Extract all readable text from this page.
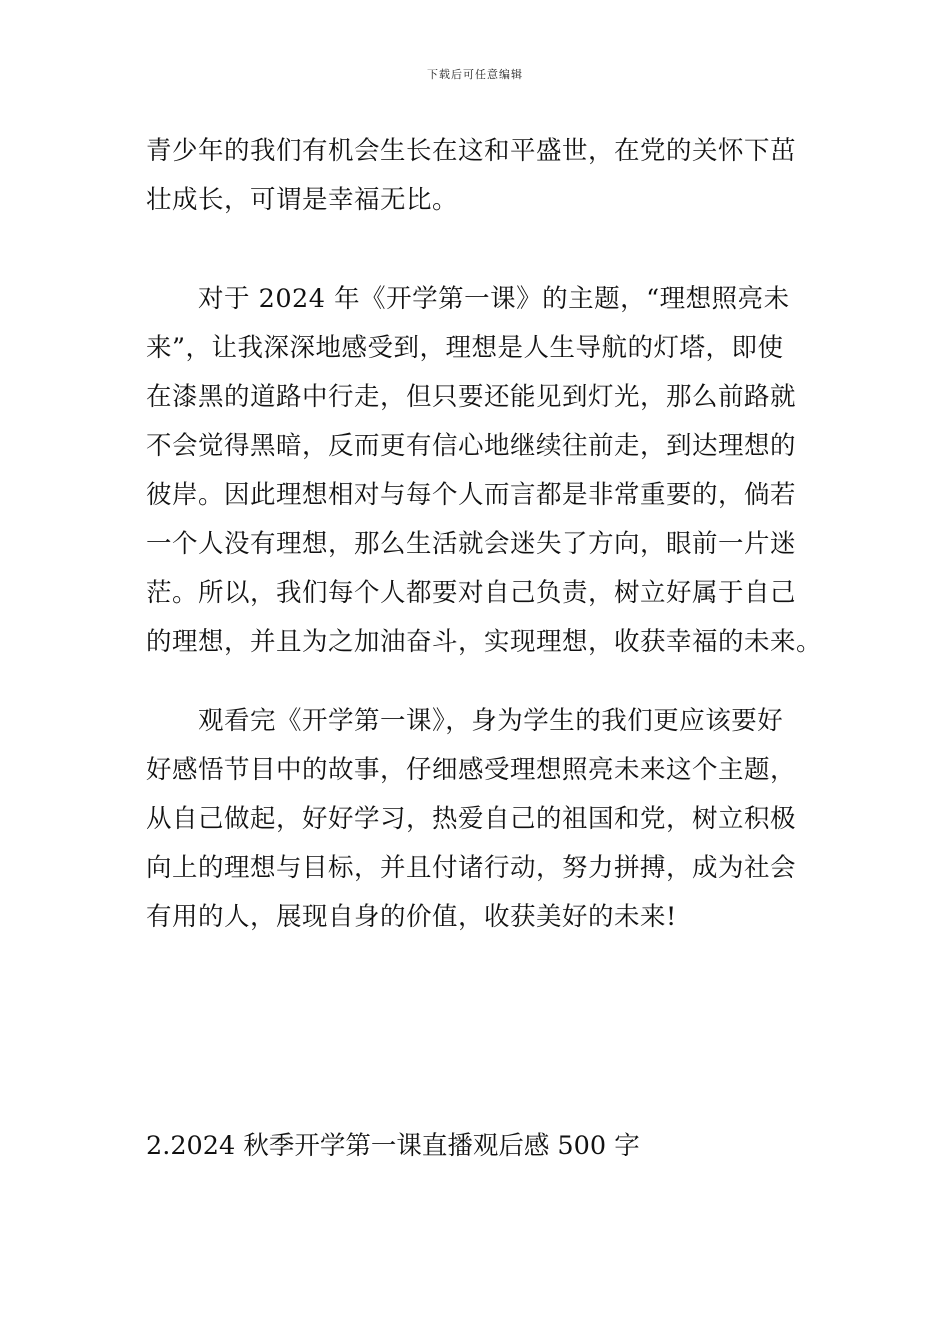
下载后可任意编辑
青少年的我们有机会生长在这和平盛世，在党的关怀下茁
壮成长，可谓是幸福无比。
对于 2024 年《开学第一课》的主题，“理想照亮未
来”，让我深深地感受到，理想是人生导航的灯塔，即使
在漆黑的道路中行走，但只要还能见到灯光，那么前路就
不会觉得黑暗，反而更有信心地继续往前走，到达理想的
彼岸。因此理想相对与每个人而言都是非常重要的，倘若
一个人没有理想，那么生活就会迷失了方向，眼前一片迷
茫。所以，我们每个人都要对自己负责，树立好属于自己
的理想，并且为之加油奋斗，实现理想，收获幸福的未来。
观看完《开学第一课》，身为学生的我们更应该要好
好感悟节目中的故事，仔细感受理想照亮未来这个主题，
从自己做起，好好学习，热爱自己的祖国和党，树立积极
向上的理想与目标，并且付诸行动，努力拼搏，成为社会
有用的人，展现自身的价值，收获美好的未来!
2.2024 秋季开学第一课直播观后感 500 字
